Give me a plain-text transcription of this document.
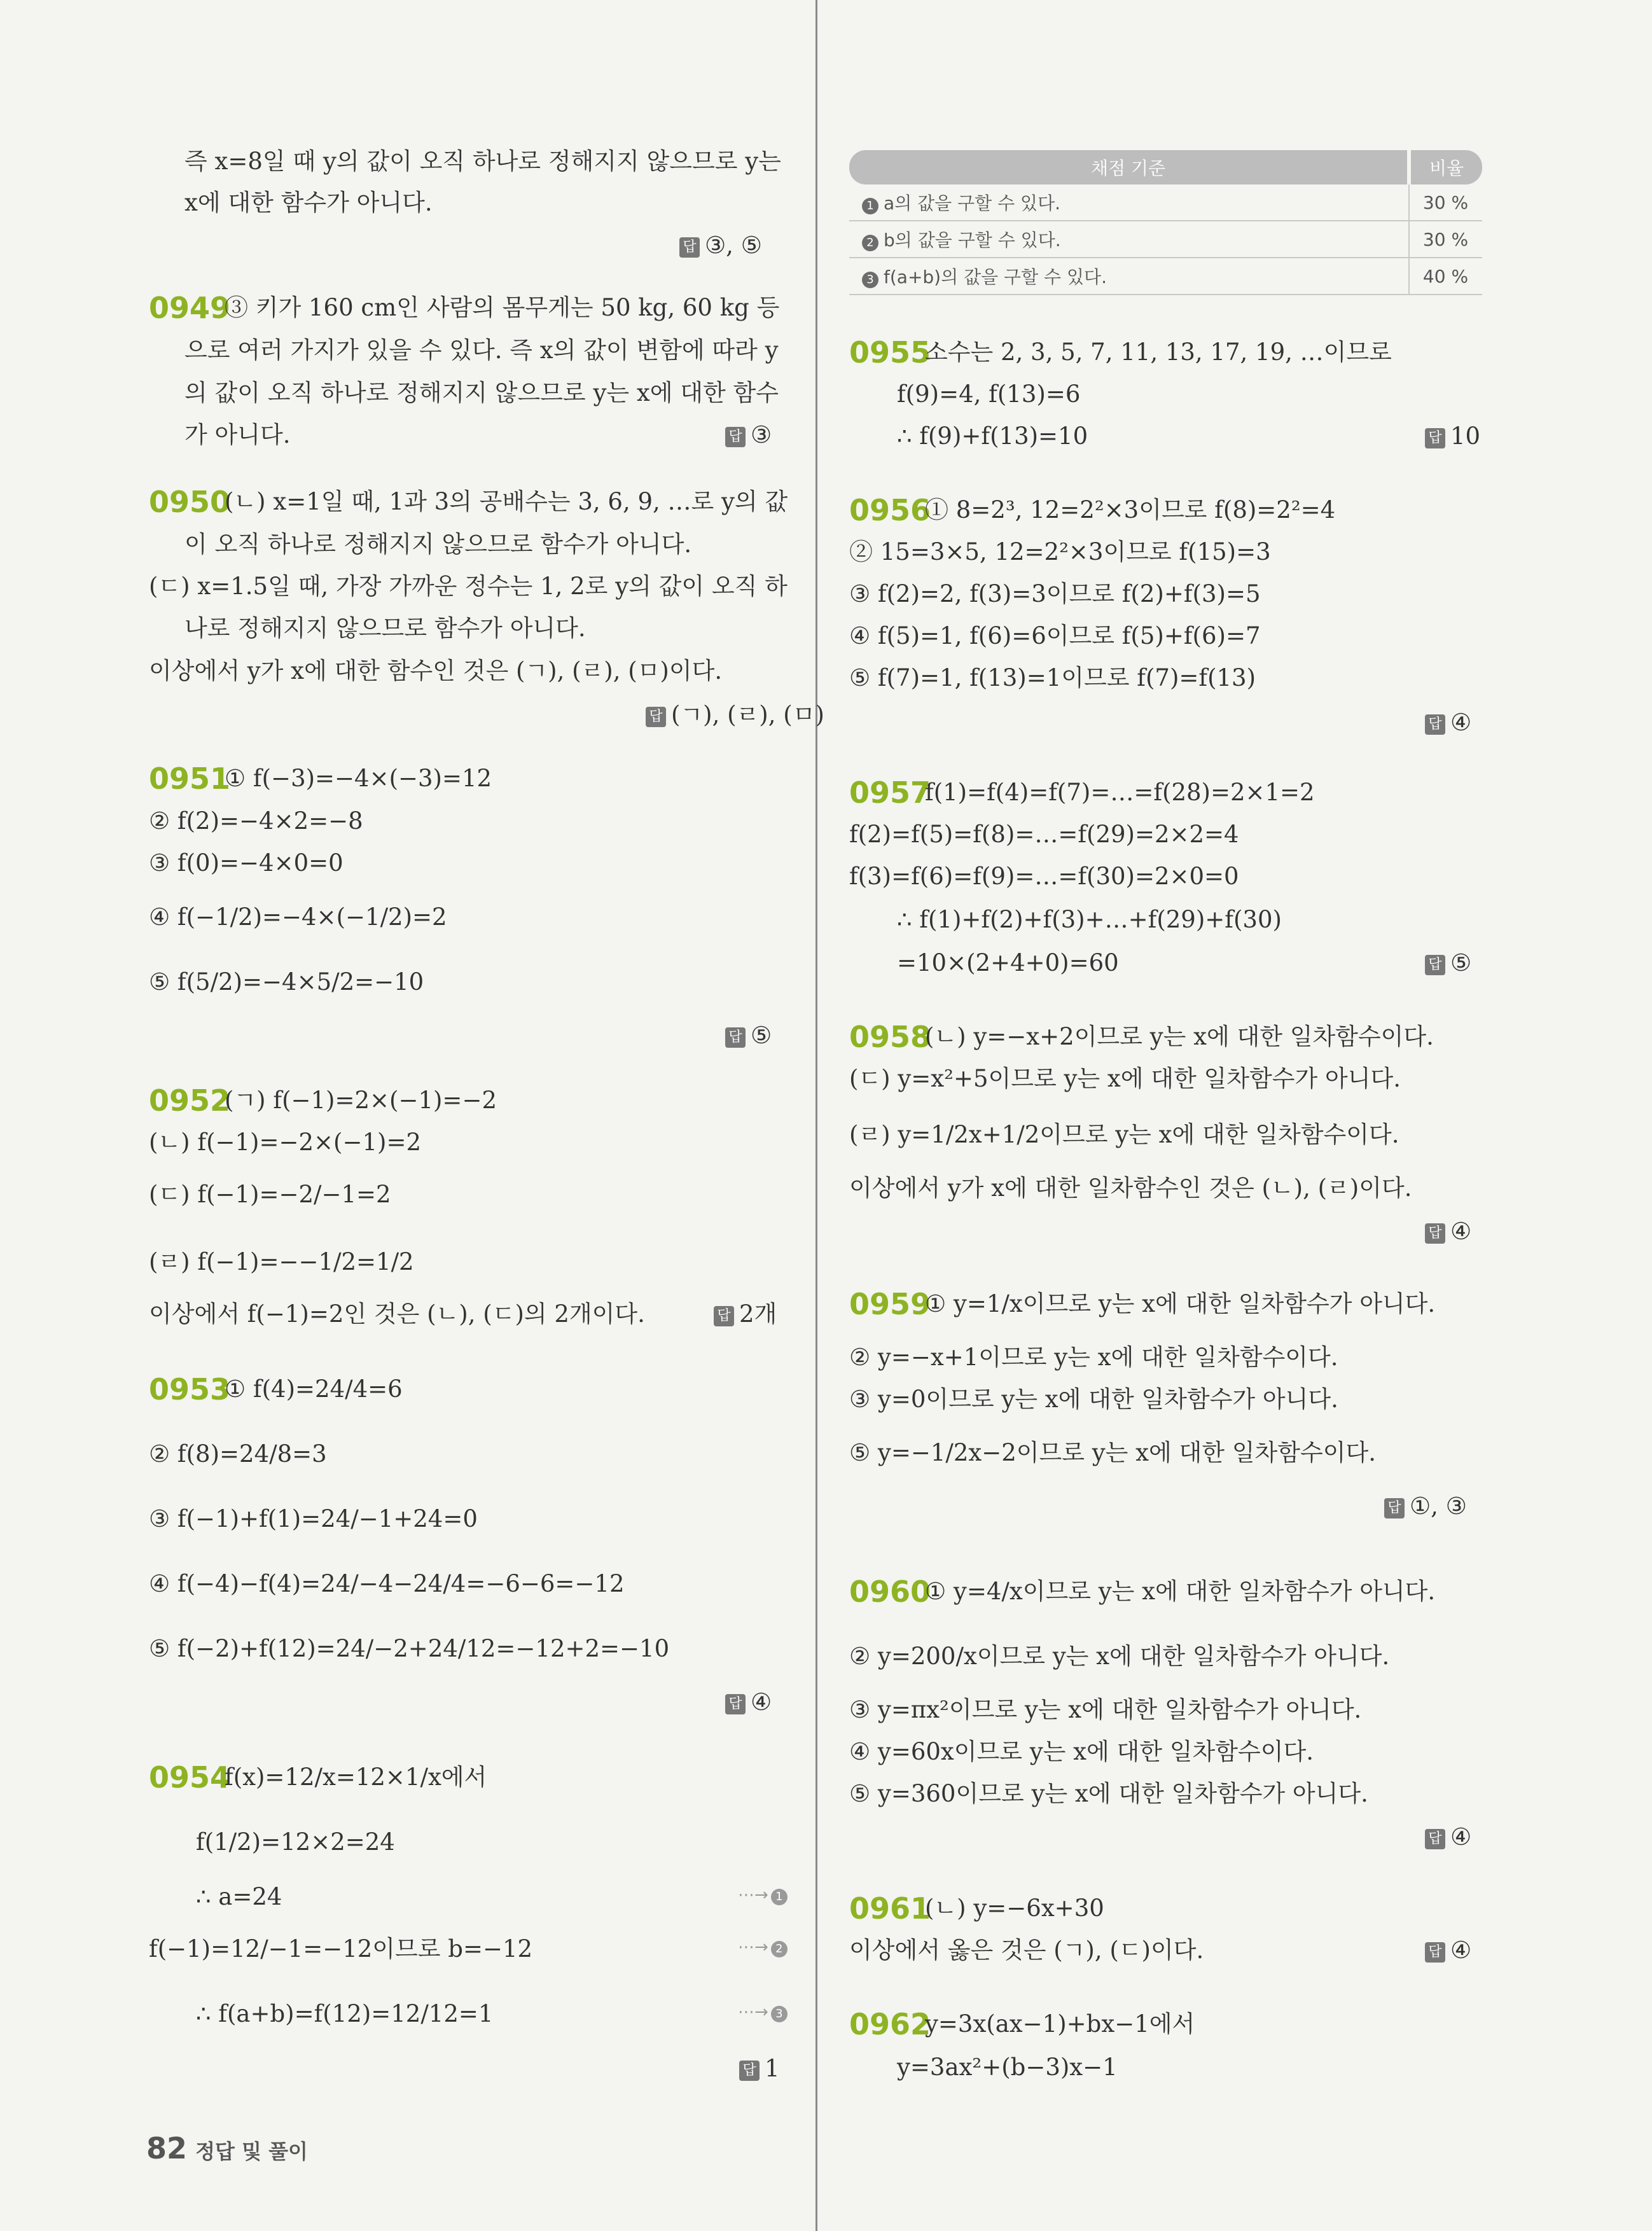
즉 x=8일 때 y의 값이 오직 하나로 정해지지 않으므로 y는
x에 대한 함수가 아니다.
답 ③, ⑤
0949
③ 키가 160 cm인 사람의 몸무게는 50 kg, 60 kg 등
으로 여러 가지가 있을 수 있다. 즉 x의 값이 변함에 따라 y
의 값이 오직 하나로 정해지지 않으므로 y는 x에 대한 함수
가 아니다.	답 ③
0950
(ㄴ) x=1일 때, 1과 3의 공배수는 3, 6, 9, …로 y의 값
이 오직 하나로 정해지지 않으므로 함수가 아니다.
(ㄷ) x=1.5일 때, 가장 가까운 정수는 1, 2로 y의 값이 오직 하
나로 정해지지 않으므로 함수가 아니다.
이상에서 y가 x에 대한 함수인 것은 (ㄱ), (ㄹ), (ㅁ)이다.
답 (ㄱ), (ㄹ), (ㅁ)
0951
① f(−3)=−4×(−3)=12
② f(2)=−4×2=−8
③ f(0)=−4×0=0
④ f(−1/2)=−4×(−1/2)=2
⑤ f(5/2)=−4×5/2=−10
답 ⑤
0952
(ㄱ) f(−1)=2×(−1)=−2
(ㄴ) f(−1)=−2×(−1)=2
(ㄷ) f(−1)=−2/−1=2
(ㄹ) f(−1)=−−1/2=1/2
이상에서 f(−1)=2인 것은 (ㄴ), (ㄷ)의 2개이다.	답 2개
0953
① f(4)=24/4=6
② f(8)=24/8=3
③ f(−1)+f(1)=24/−1+24=0
④ f(−4)−f(4)=24/−4−24/4=−6−6=−12
⑤ f(−2)+f(12)=24/−2+24/12=−12+2=−10
답 ④
0954
f(x)=12/x=12×1/x에서
f(1/2)=12×2=24
∴ a=24	⋯→ 1
f(−1)=12/−1=−12이므로 b=−12	⋯→ 2
∴ f(a+b)=f(12)=12/12=1	⋯→ 3
답 1
채점 기준	비율
1 a의 값을 구할 수 있다.	30 %
2 b의 값을 구할 수 있다.	30 %
3 f(a+b)의 값을 구할 수 있다.	40 %
0955
소수는 2, 3, 5, 7, 11, 13, 17, 19, …이므로
f(9)=4, f(13)=6
∴ f(9)+f(13)=10	답 10
0956
① 8=2³, 12=2²×3이므로 f(8)=2²=4
② 15=3×5, 12=2²×3이므로 f(15)=3
③ f(2)=2, f(3)=3이므로 f(2)+f(3)=5
④ f(5)=1, f(6)=6이므로 f(5)+f(6)=7
⑤ f(7)=1, f(13)=1이므로 f(7)=f(13)
답 ④
0957
f(1)=f(4)=f(7)=…=f(28)=2×1=2
f(2)=f(5)=f(8)=…=f(29)=2×2=4
f(3)=f(6)=f(9)=…=f(30)=2×0=0
∴ f(1)+f(2)+f(3)+…+f(29)+f(30)
=10×(2+4+0)=60	답 ⑤
0958
(ㄴ) y=−x+2이므로 y는 x에 대한 일차함수이다.
(ㄷ) y=x²+5이므로 y는 x에 대한 일차함수가 아니다.
(ㄹ) y=1/2x+1/2이므로 y는 x에 대한 일차함수이다.
이상에서 y가 x에 대한 일차함수인 것은 (ㄴ), (ㄹ)이다.
답 ④
0959
① y=1/x이므로 y는 x에 대한 일차함수가 아니다.
② y=−x+1이므로 y는 x에 대한 일차함수이다.
③ y=0이므로 y는 x에 대한 일차함수가 아니다.
⑤ y=−1/2x−2이므로 y는 x에 대한 일차함수이다.
답 ①, ③
0960
① y=4/x이므로 y는 x에 대한 일차함수가 아니다.
② y=200/x이므로 y는 x에 대한 일차함수가 아니다.
③ y=πx²이므로 y는 x에 대한 일차함수가 아니다.
④ y=60x이므로 y는 x에 대한 일차함수이다.
⑤ y=360이므로 y는 x에 대한 일차함수가 아니다.
답 ④
0961
(ㄴ) y=−6x+30
이상에서 옳은 것은 (ㄱ), (ㄷ)이다.	답 ④
0962
y=3x(ax−1)+bx−1에서
y=3ax²+(b−3)x−1
82 정답 및 풀이
